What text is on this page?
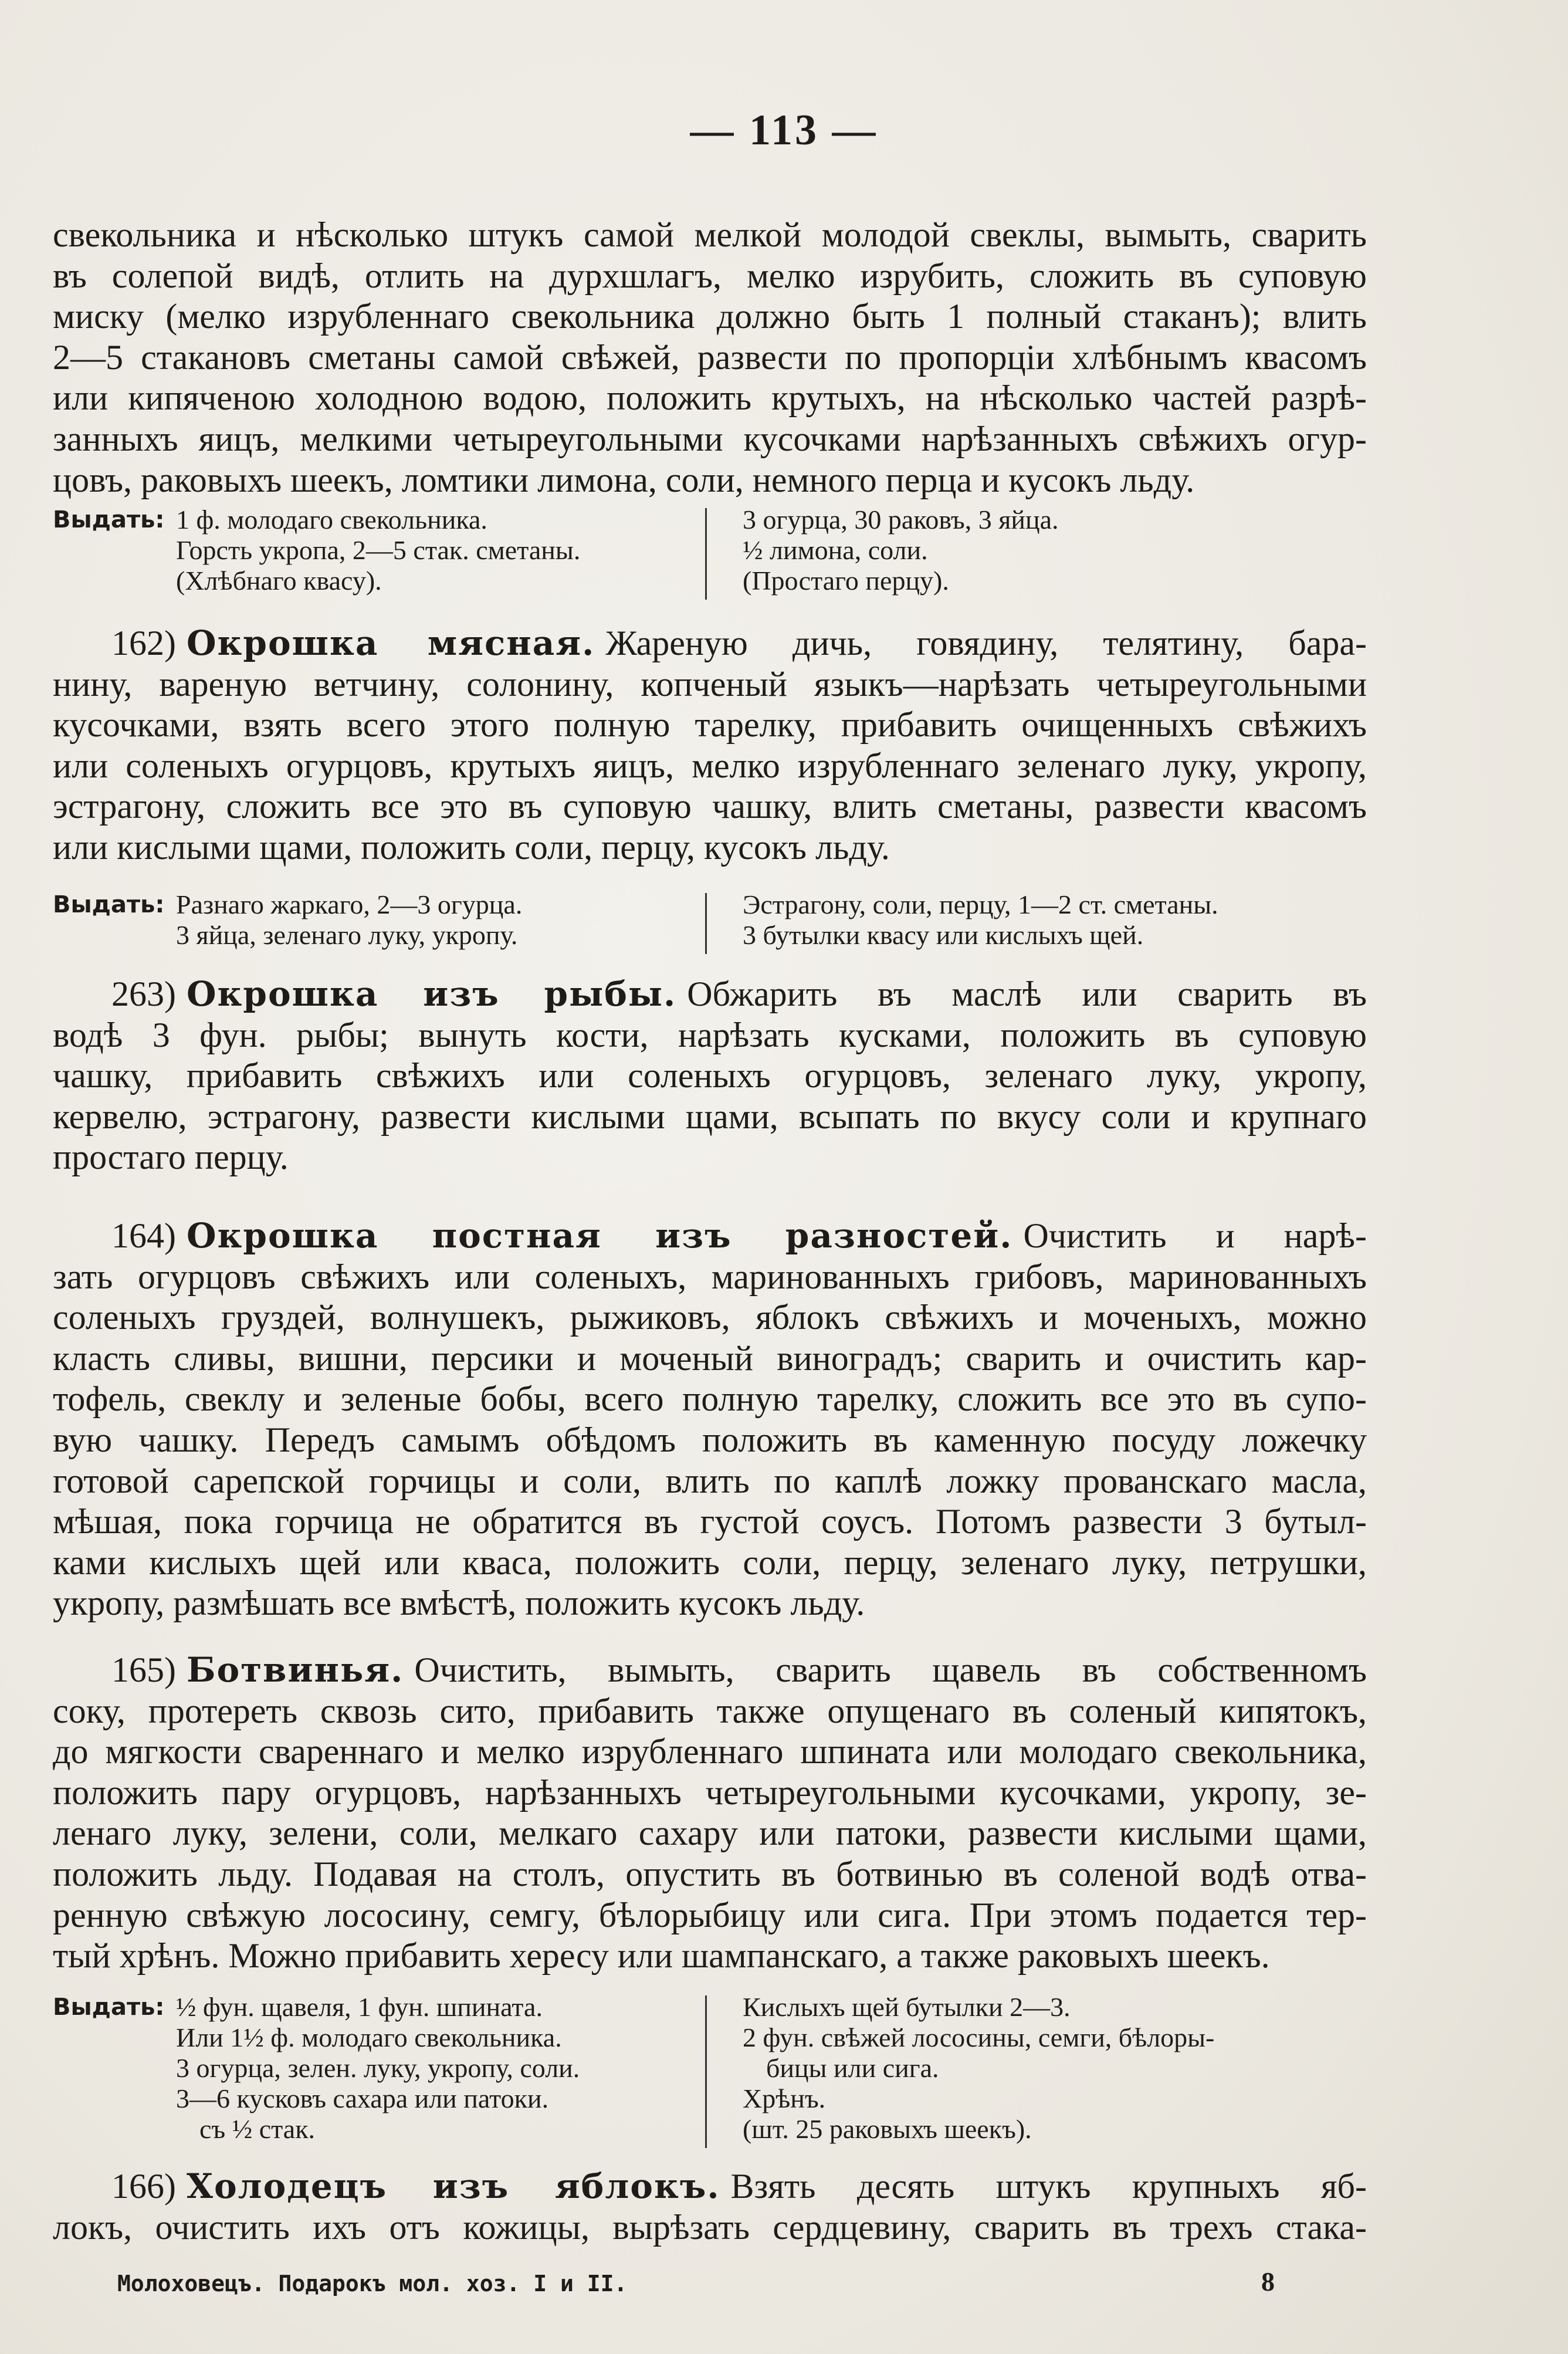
— 113 —
свекольника и нѣсколько штукъ самой мелкой молодой свеклы, вымыть, сварить
въ солепой видѣ, отлить на дурхшлагъ, мелко изрубить, сложить въ суповую
миску (мелко изрубленнаго свекольника должно быть 1 полный стаканъ); влить
2—5 стакановъ сметаны самой свѣжей, развести по пропорціи хлѣбнымъ квасомъ
или кипяченою холодною водою, положить крутыхъ, на нѣсколько частей разрѣ-
занныхъ яицъ, мелкими четыреугольными кусочками нарѣзанныхъ свѣжихъ огур-
цовъ, раковыхъ шеекъ, ломтики лимона, соли, немного перца и кусокъ льду.
162) Окрошка мясная. Жареную дичь, говядину, телятину, бара-
нину, вареную ветчину, солонину, копченый языкъ—нарѣзать четыреугольными
кусочками, взять всего этого полную тарелку, прибавить очищенныхъ свѣжихъ
или соленыхъ огурцовъ, крутыхъ яицъ, мелко изрубленнаго зеленаго луку, укропу,
эстрагону, сложить все это въ суповую чашку, влить сметаны, развести квасомъ
или кислыми щами, положить соли, перцу, кусокъ льду.
263) Окрошка изъ рыбы. Обжарить въ маслѣ или сварить въ
водѣ 3 фун. рыбы; вынуть кости, нарѣзать кусками, положить въ суповую
чашку, прибавить свѣжихъ или соленыхъ огурцовъ, зеленаго луку, укропу,
кервелю, эстрагону, развести кислыми щами, всыпать по вкусу соли и крупнаго
простаго перцу.
164) Окрошка постная изъ разностей. Очистить и нарѣ-
зать огурцовъ свѣжихъ или соленыхъ, маринованныхъ грибовъ, маринованныхъ
соленыхъ груздей, волнушекъ, рыжиковъ, яблокъ свѣжихъ и моченыхъ, можно
класть сливы, вишни, персики и моченый виноградъ; сварить и очистить кар-
тофель, свеклу и зеленые бобы, всего полную тарелку, сложить все это въ супо-
вую чашку. Передъ самымъ обѣдомъ положить въ каменную посуду ложечку
готовой сарепской горчицы и соли, влить по каплѣ ложку прованскаго масла,
мѣшая, пока горчица не обратится въ густой соусъ. Потомъ развести 3 бутыл-
ками кислыхъ щей или кваса, положить соли, перцу, зеленаго луку, петрушки,
укропу, размѣшать все вмѣстѣ, положить кусокъ льду.
165) Ботвинья. Очистить, вымыть, сварить щавель въ собственномъ
соку, протереть сквозь сито, прибавить также опущенаго въ соленый кипятокъ,
до мягкости свареннаго и мелко изрубленнаго шпината или молодаго свекольника,
положить пару огурцовъ, нарѣзанныхъ четыреугольными кусочками, укропу, зе-
ленаго луку, зелени, соли, мелкаго сахару или патоки, развести кислыми щами,
положить льду. Подавая на столъ, опустить въ ботвинью въ соленой водѣ отва-
ренную свѣжую лососину, семгу, бѣлорыбицу или сига. При этомъ подается тер-
тый хрѣнъ. Можно прибавить хересу или шампанскаго, а также раковыхъ шеекъ.
166) Холодецъ изъ яблокъ. Взять десять штукъ крупныхъ яб-
локъ, очистить ихъ отъ кожицы, вырѣзать сердцевину, сварить въ трехъ стака-
Выдать: 1 ф. молодаго свекольника.
Горсть укропа, 2—5 стак. сметаны.
(Хлѣбнаго квасу).
3 огурца, 30 раковъ, 3 яйца.
½ лимона, соли.
(Простаго перцу).
Выдать: Разнаго жаркаго, 2—3 огурца.
3 яйца, зеленаго луку, укропу.
Эстрагону, соли, перцу, 1—2 ст. сметаны.
3 бутылки квасу или кислыхъ щей.
Выдать: ½ фун. щавеля, 1 фун. шпината.
Или 1½ ф. молодаго свекольника.
3 огурца, зелен. луку, укропу, соли.
3—6 кусковъ сахара или патоки.
съ ½ стак.
Кислыхъ щей бутылки 2—3.
2 фун. свѣжей лососины, семги, бѣлоры-
бицы или сига.
Хрѣнъ.
(шт. 25 раковыхъ шеекъ).
Молоховецъ. Подарокъ мол. хоз. I и II.	8
